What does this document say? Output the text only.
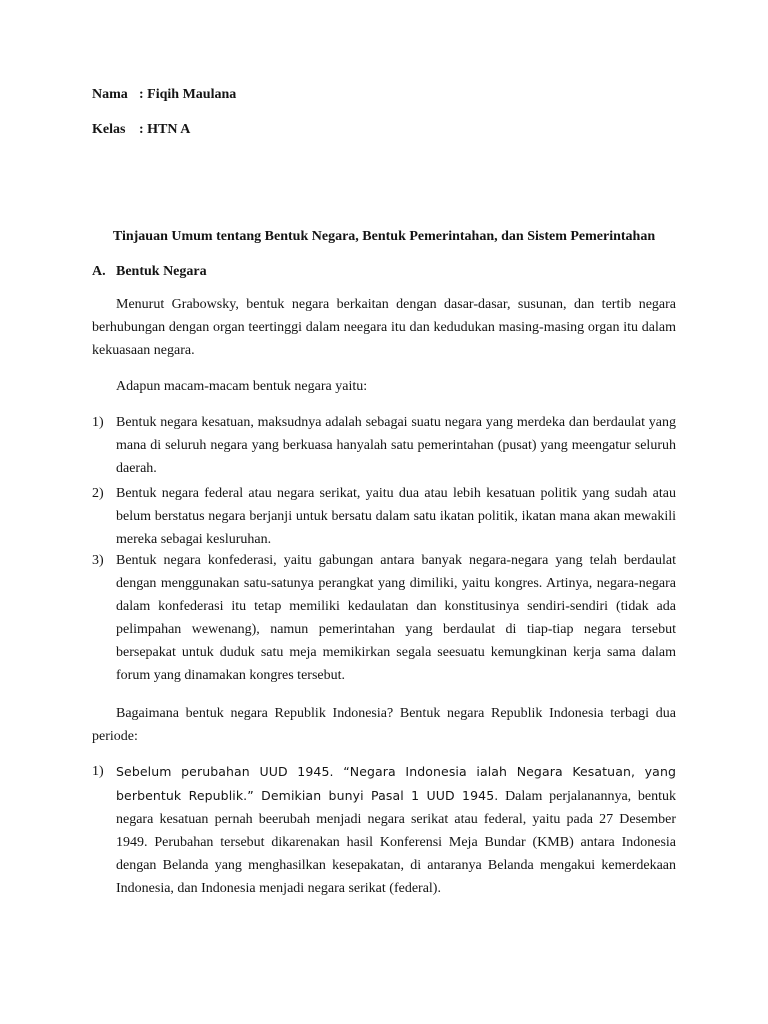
Nama : Fiqih Maulana
Kelas : HTN A
Tinjauan Umum tentang Bentuk Negara, Bentuk Pemerintahan, dan Sistem Pemerintahan
A. Bentuk Negara

Menurut Grabowsky, bentuk negara berkaitan dengan dasar-dasar, susunan, dan tertib negara berhubungan dengan organ teertinggi dalam neegara itu dan kedudukan masing-masing organ itu dalam kekuasaan negara.

Adapun macam-macam bentuk negara yaitu:

1) Bentuk negara kesatuan, maksudnya adalah sebagai suatu negara yang merdeka dan berdaulat yang mana di seluruh negara yang berkuasa hanyalah satu pemerintahan (pusat) yang meengatur seluruh daerah.
2) Bentuk negara federal atau negara serikat, yaitu dua atau lebih kesatuan politik yang sudah atau belum berstatus negara berjanji untuk bersatu dalam satu ikatan politik, ikatan mana akan mewakili mereka sebagai kesluruhan.
3) Bentuk negara konfederasi, yaitu gabungan antara banyak negara-negara yang telah berdaulat dengan menggunakan satu-satunya perangkat yang dimiliki, yaitu kongres. Artinya, negara-negara dalam konfederasi itu tetap memiliki kedaulatan dan konstitusinya sendiri-sendiri (tidak ada pelimpahan wewenang), namun pemerintahan yang berdaulat di tiap-tiap negara tersebut bersepakat untuk duduk satu meja memikirkan segala seesuatu kemungkinan kerja sama dalam forum yang dinamakan kongres tersebut.

Bagaimana bentuk negara Republik Indonesia? Bentuk negara Republik Indonesia terbagi dua periode:

1) Sebelum perubahan UUD 1945. “Negara Indonesia ialah Negara Kesatuan, yang berbentuk Republik.” Demikian bunyi Pasal 1 UUD 1945. Dalam perjalanannya, bentuk negara kesatuan pernah beerubah menjadi negara serikat atau federal, yaitu pada 27 Desember 1949. Perubahan tersebut dikarenakan hasil Konferensi Meja Bundar (KMB) antara Indonesia dengan Belanda yang menghasilkan kesepakatan, di antaranya Belanda mengakui kemerdekaan Indonesia, dan Indonesia menjadi negara serikat (federal).
